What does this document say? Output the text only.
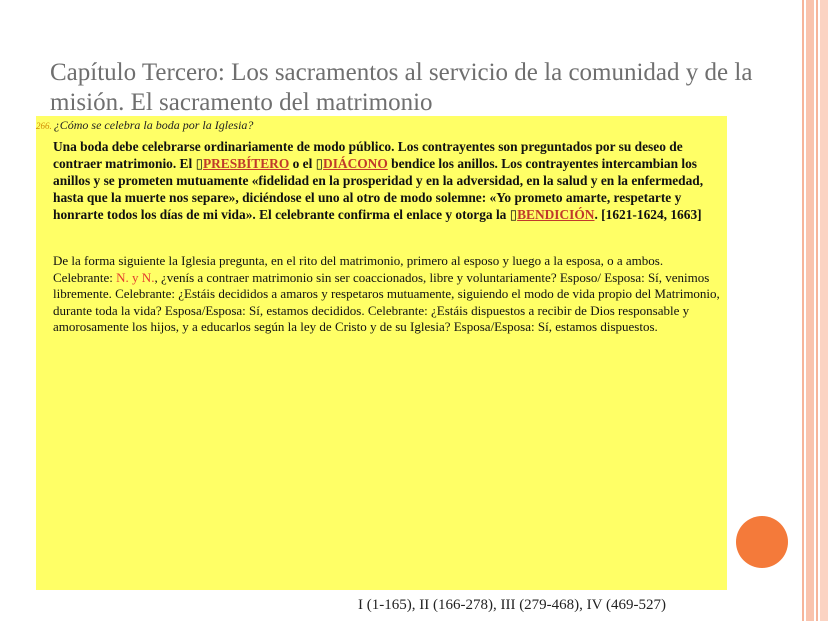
Capítulo Tercero: Los sacramentos al servicio de la comunidad y de la misión. El sacramento del matrimonio
266. ¿Cómo se celebra la boda por la Iglesia?

Una boda debe celebrarse ordinariamente de modo público. Los contrayentes son preguntados por su deseo de contraer matrimonio. El ▯PRESBÍTERO o el ▯DIÁCONO bendice los anillos. Los contrayentes intercambian los anillos y se prometen mutuamente «fidelidad en la prosperidad y en la adversidad, en la salud y en la enfermedad, hasta que la muerte nos separe», diciéndose el uno al otro de modo solemne: «Yo prometo amarte, respetarte y honrarte todos los días de mi vida». El celebrante confirma el enlace y otorga la ▯BENDICIÓN. [1621-1624, 1663]

De la forma siguiente la Iglesia pregunta, en el rito del matrimonio, primero al esposo y luego a la esposa, o a ambos. Celebrante: N. y N., ¿venís a contraer matrimonio sin ser coaccionados, libre y voluntariamente? Esposo/ Esposa: Sí, venimos libremente. Celebrante: ¿Estáis decididos a amaros y respetaros mutuamente, siguiendo el modo de vida propio del Matrimonio, durante toda la vida? Esposa/Esposa: Sí, estamos decididos. Celebrante: ¿Estáis dispuestos a recibir de Dios responsable y amorosamente los hijos, y a educarlos según la ley de Cristo y de su Iglesia? Esposa/Esposa: Sí, estamos dispuestos.

I (1-165), II (166-278), III (279-468), IV (469-527)
